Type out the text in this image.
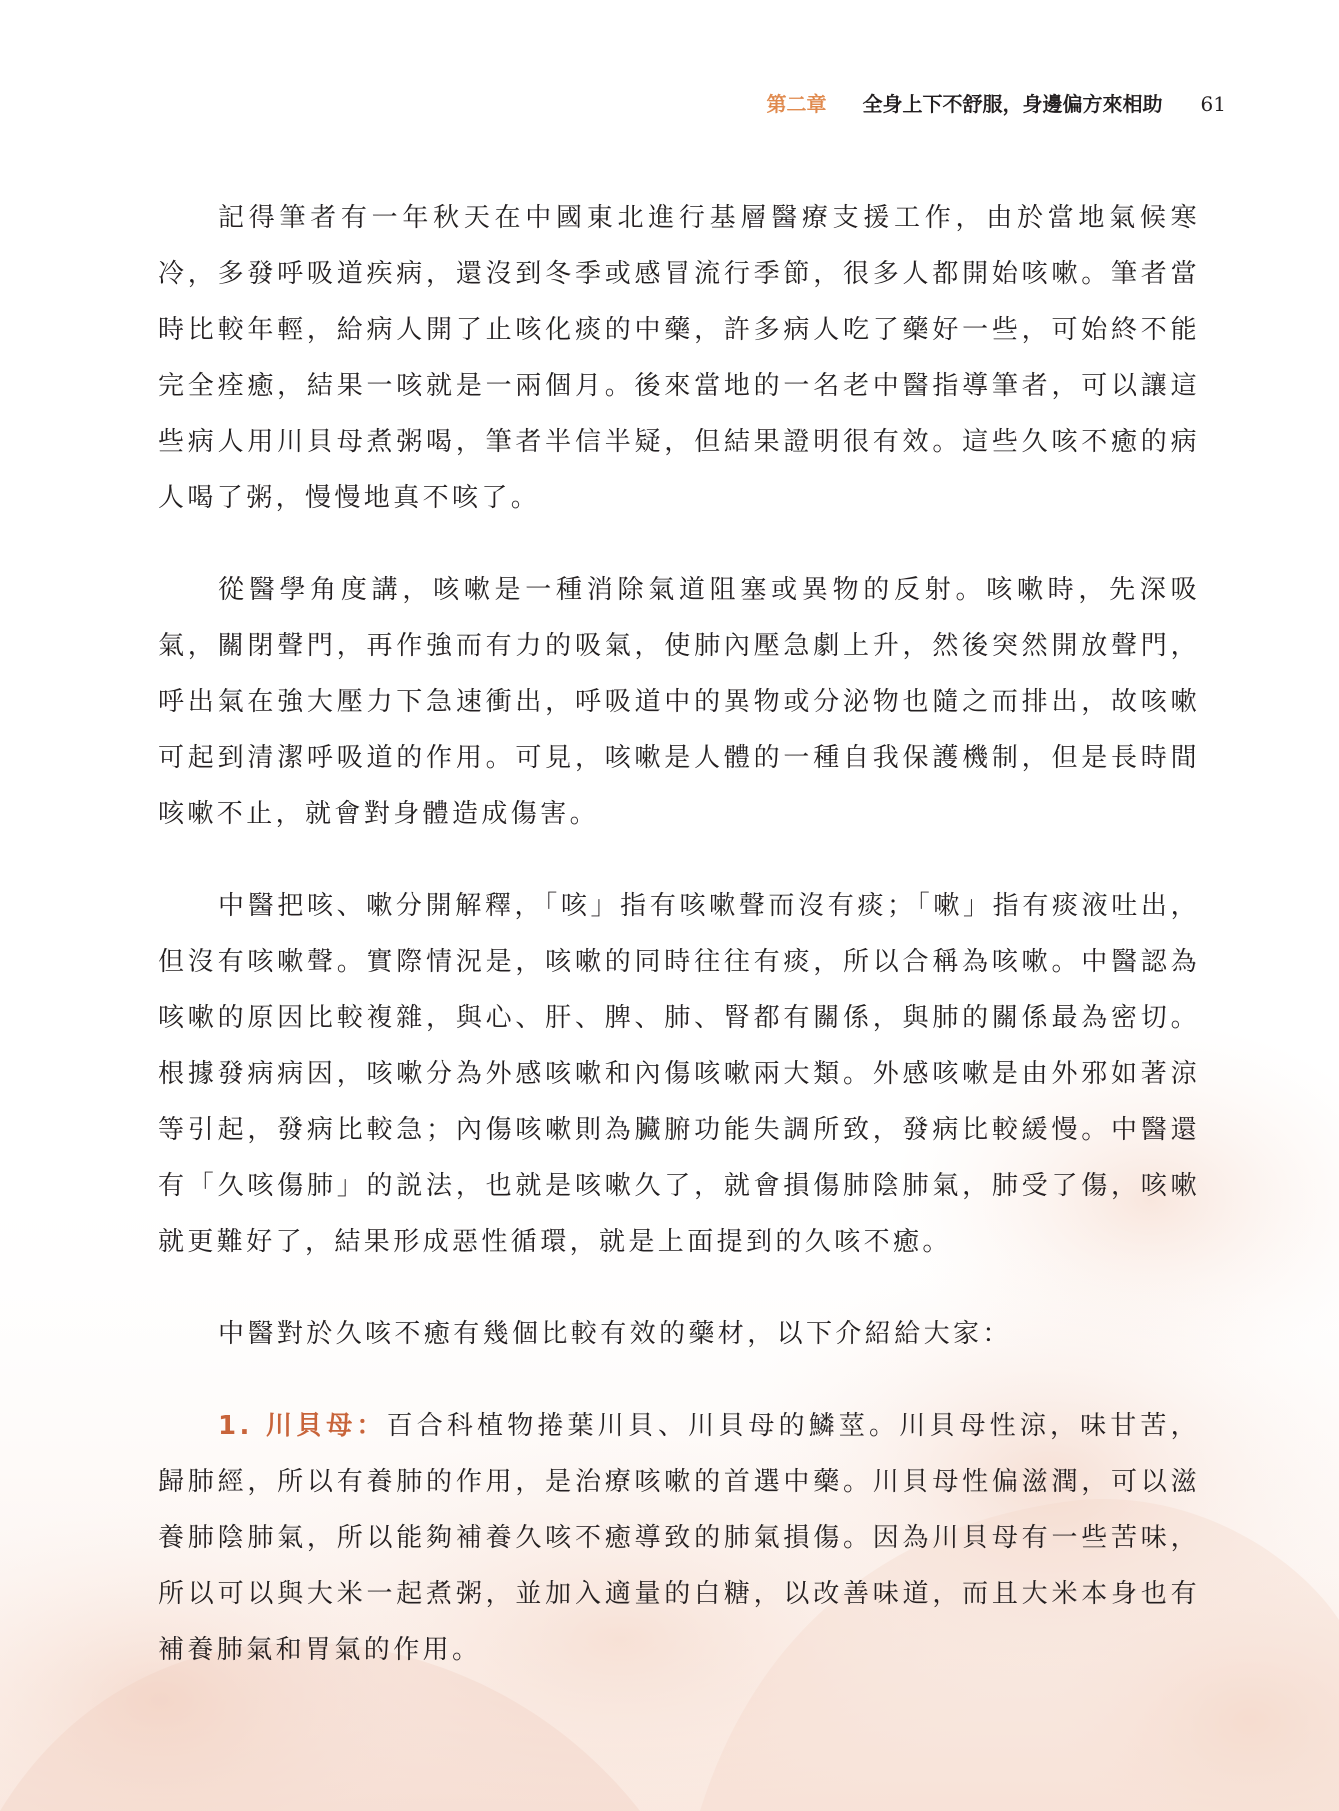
第二章 全身上下不舒服，身邊偏方來相助 61

記得筆者有一年秋天在中國東北進行基層醫療支援工作，由於當地氣候寒冷，多發呼吸道疾病，還沒到冬季或感冒流行季節，很多人都開始咳嗽。筆者當時比較年輕，給病人開了止咳化痰的中藥，許多病人吃了藥好一些，可始終不能完全痊癒，結果一咳就是一兩個月。後來當地的一名老中醫指導筆者，可以讓這些病人用川貝母煮粥喝，筆者半信半疑，但結果證明很有效。這些久咳不癒的病人喝了粥，慢慢地真不咳了。

從醫學角度講，咳嗽是一種消除氣道阻塞或異物的反射。咳嗽時，先深吸氣，關閉聲門，再作強而有力的吸氣，使肺內壓急劇上升，然後突然開放聲門，呼出氣在強大壓力下急速衝出，呼吸道中的異物或分泌物也隨之而排出，故咳嗽可起到清潔呼吸道的作用。可見，咳嗽是人體的一種自我保護機制，但是長時間咳嗽不止，就會對身體造成傷害。

中醫把咳、嗽分開解釋，「咳」指有咳嗽聲而沒有痰；「嗽」指有痰液吐出，但沒有咳嗽聲。實際情況是，咳嗽的同時往往有痰，所以合稱為咳嗽。中醫認為咳嗽的原因比較複雜，與心、肝、脾、肺、腎都有關係，與肺的關係最為密切。根據發病病因，咳嗽分為外感咳嗽和內傷咳嗽兩大類。外感咳嗽是由外邪如著涼等引起，發病比較急；內傷咳嗽則為臟腑功能失調所致，發病比較緩慢。中醫還有「久咳傷肺」的説法，也就是咳嗽久了，就會損傷肺陰肺氣，肺受了傷，咳嗽就更難好了，結果形成惡性循環，就是上面提到的久咳不癒。

中醫對於久咳不癒有幾個比較有效的藥材，以下介紹給大家：

1. 川貝母：百合科植物捲葉川貝、川貝母的鱗莖。川貝母性涼，味甘苦，歸肺經，所以有養肺的作用，是治療咳嗽的首選中藥。川貝母性偏滋潤，可以滋養肺陰肺氣，所以能夠補養久咳不癒導致的肺氣損傷。因為川貝母有一些苦味，所以可以與大米一起煮粥，並加入適量的白糖，以改善味道，而且大米本身也有補養肺氣和胃氣的作用。
